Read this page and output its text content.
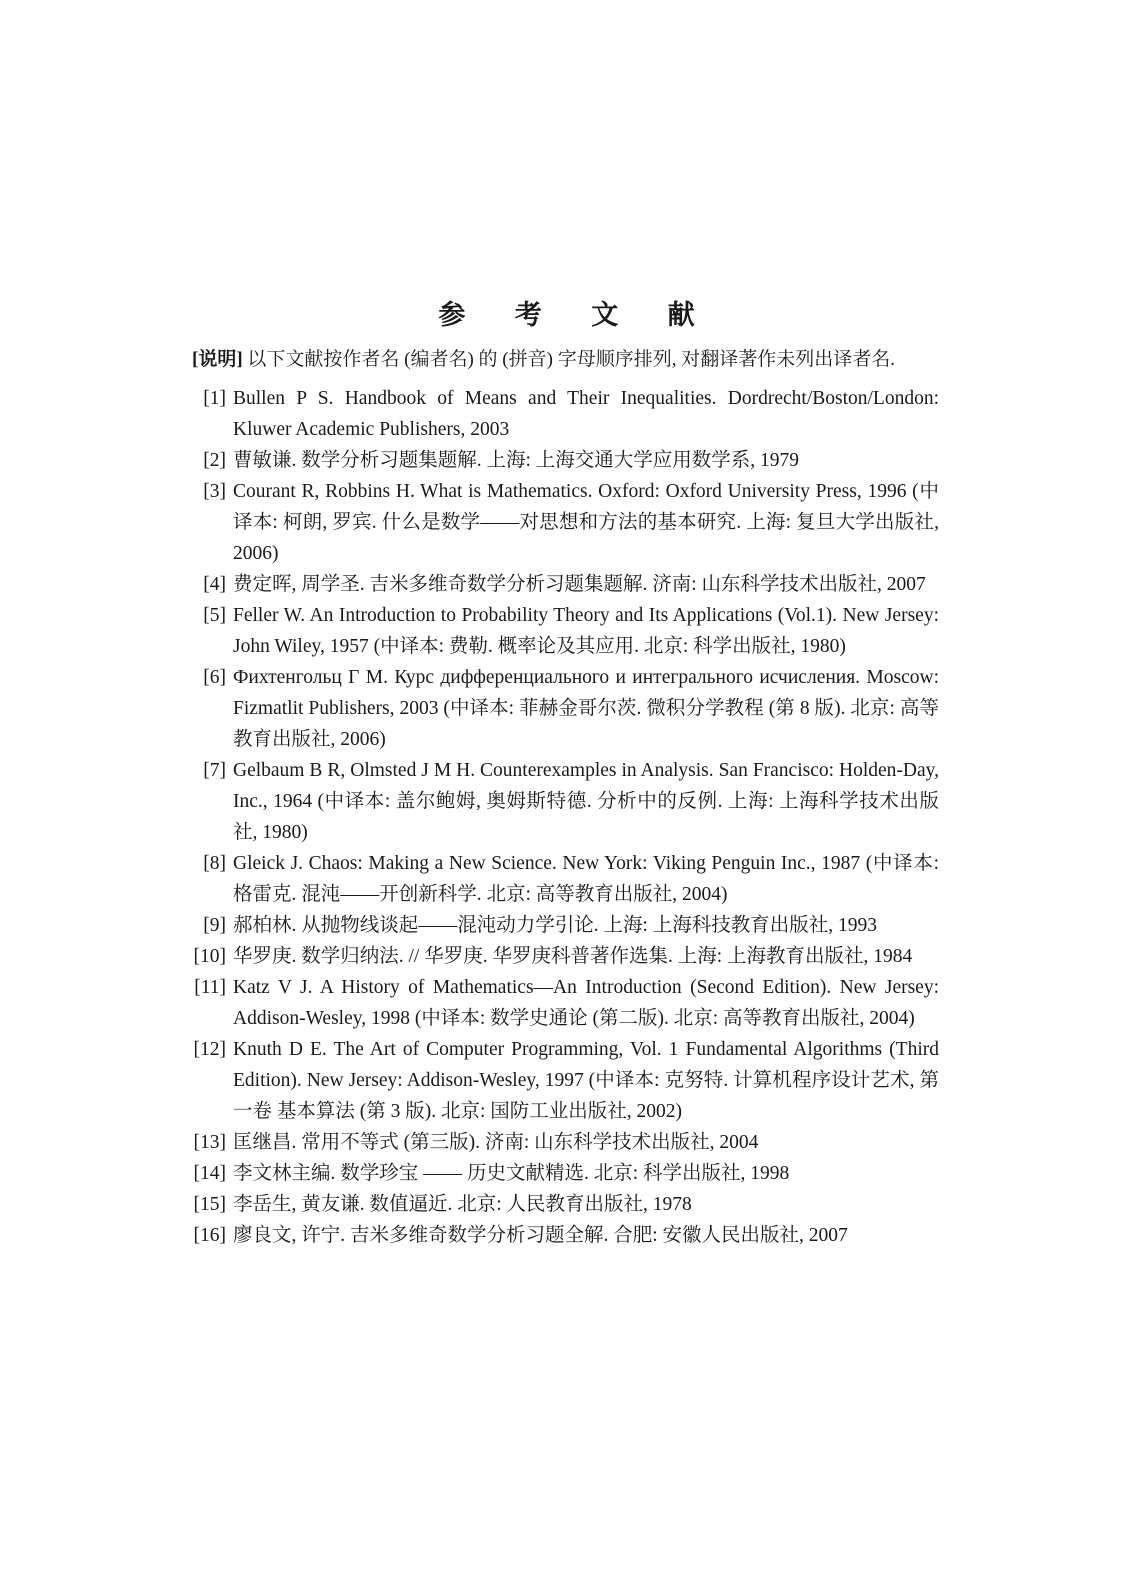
参 考 文 献
[说明] 以下文献按作者名 (编者名) 的 (拼音) 字母顺序排列, 对翻译著作未列出译者名.
[1] Bullen P S. Handbook of Means and Their Inequalities. Dordrecht/Boston/London: Kluwer Academic Publishers, 2003
[2] 曹敏谦. 数学分析习题集题解. 上海: 上海交通大学应用数学系, 1979
[3] Courant R, Robbins H. What is Mathematics. Oxford: Oxford University Press, 1996 (中译本: 柯朗, 罗宾. 什么是数学——对思想和方法的基本研究. 上海: 复旦大学出版社, 2006)
[4] 费定晖, 周学圣. 吉米多维奇数学分析习题集题解. 济南: 山东科学技术出版社, 2007
[5] Feller W. An Introduction to Probability Theory and Its Applications (Vol.1). New Jersey: John Wiley, 1957 (中译本: 费勒. 概率论及其应用. 北京: 科学出版社, 1980)
[6] Фихтенгольц Г М. Курс дифференциального и интегрального исчисления. Moscow: Fizmatlit Publishers, 2003 (中译本: 菲赫金哥尔茨. 微积分学教程 (第 8 版). 北京: 高等教育出版社, 2006)
[7] Gelbaum B R, Olmsted J M H. Counterexamples in Analysis. San Francisco: Holden-Day, Inc., 1964 (中译本: 盖尔鲍姆, 奥姆斯特德. 分析中的反例. 上海: 上海科学技术出版社, 1980)
[8] Gleick J. Chaos: Making a New Science. New York: Viking Penguin Inc., 1987 (中译本: 格雷克. 混沌——开创新科学. 北京: 高等教育出版社, 2004)
[9] 郝柏林. 从抛物线谈起——混沌动力学引论. 上海: 上海科技教育出版社, 1993
[10] 华罗庚. 数学归纳法. // 华罗庚. 华罗庚科普著作选集. 上海: 上海教育出版社, 1984
[11] Katz V J. A History of Mathematics—An Introduction (Second Edition). New Jersey: Addison-Wesley, 1998 (中译本: 数学史通论 (第二版). 北京: 高等教育出版社, 2004)
[12] Knuth D E. The Art of Computer Programming, Vol. 1 Fundamental Algorithms (Third Edition). New Jersey: Addison-Wesley, 1997 (中译本: 克努特. 计算机程序设计艺术, 第一卷 基本算法 (第 3 版). 北京: 国防工业出版社, 2002)
[13] 匡继昌. 常用不等式 (第三版). 济南: 山东科学技术出版社, 2004
[14] 李文林主编. 数学珍宝 —— 历史文献精选. 北京: 科学出版社, 1998
[15] 李岳生, 黄友谦. 数值逼近. 北京: 人民教育出版社, 1978
[16] 廖良文, 许宁. 吉米多维奇数学分析习题全解. 合肥: 安徽人民出版社, 2007
